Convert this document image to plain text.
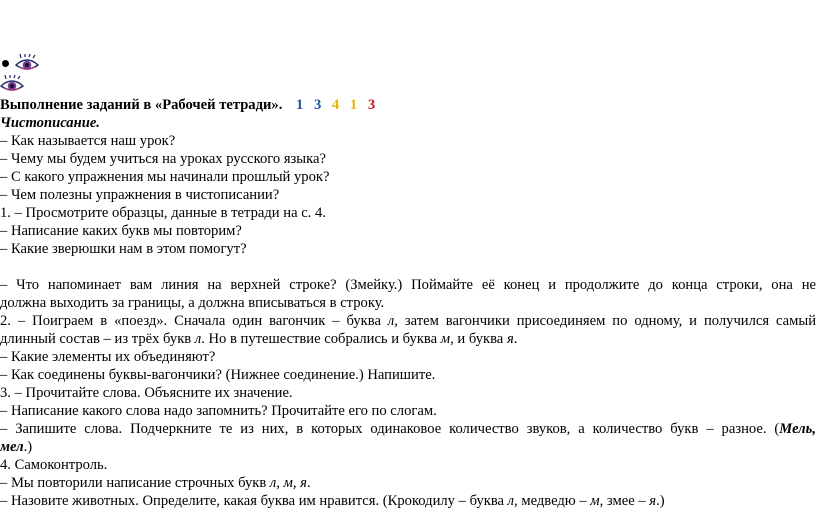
Выполнение заданий в «Рабочей тетради». 1 3 4 1 3
Чистописание.
– Как называется наш урок?
– Чему мы будем учиться на уроках русского языка?
– С какого упражнения мы начинали прошлый урок?
– Чем полезны упражнения в чистописании?
1. – Просмотрите образцы, данные в тетради на с. 4.
– Написание каких букв мы повторим?
– Какие зверюшки нам в этом помогут?
– Что напоминает вам линия на верхней строке? (Змейку.) Поймайте её конец и продолжите до конца строки, она не
должна выходить за границы, а должна вписываться в строку.
2. – Поиграем в «поезд». Сначала один вагончик – буква л, затем вагончики присоединяем по одному, и получился самый
длинный состав – из трёх букв л. Но в путешествие собрались и буква м, и буква я.
– Какие элементы их объединяют?
– Как соединены буквы-вагончики? (Нижнее соединение.) Напишите.
3. – Прочитайте слова. Объясните их значение.
– Написание какого слова надо запомнить? Прочитайте его по слогам.
– Запишите слова. Подчеркните те из них, в которых одинаковое количество звуков, а количество букв – разное. (Мель,
мел.)
4. Самоконтроль.
– Мы повторили написание строчных букв л, м, я.
– Назовите животных. Определите, какая буква им нравится. (Крокодилу – буква л, медведю – м, змее – я.)
